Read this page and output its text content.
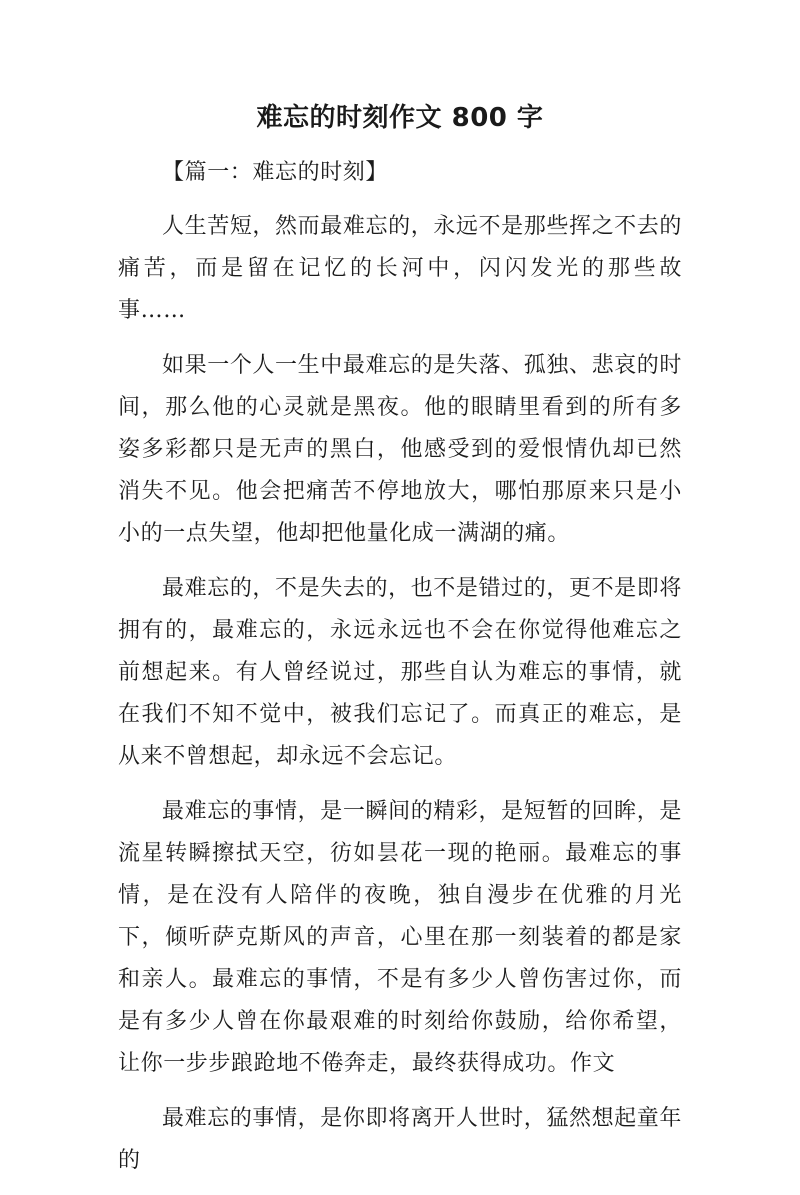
难忘的时刻作文 800 字

【篇一：难忘的时刻】

人生苦短，然而最难忘的，永远不是那些挥之不去的痛苦，而是留在记忆的长河中，闪闪发光的那些故事……

如果一个人一生中最难忘的是失落、孤独、悲哀的时间，那么他的心灵就是黑夜。他的眼睛里看到的所有多姿多彩都只是无声的黑白，他感受到的爱恨情仇却已然消失不见。他会把痛苦不停地放大，哪怕那原来只是小小的一点失望，他却把他量化成一满湖的痛。

最难忘的，不是失去的，也不是错过的，更不是即将拥有的，最难忘的，永远永远也不会在你觉得他难忘之前想起来。有人曾经说过，那些自认为难忘的事情，就在我们不知不觉中，被我们忘记了。而真正的难忘，是从来不曾想起，却永远不会忘记。

最难忘的事情，是一瞬间的精彩，是短暂的回眸，是流星转瞬擦拭天空，彷如昙花一现的艳丽。最难忘的事情，是在没有人陪伴的夜晚，独自漫步在优雅的月光下，倾听萨克斯风的声音，心里在那一刻装着的都是家和亲人。最难忘的事情，不是有多少人曾伤害过你，而是有多少人曾在你最艰难的时刻给你鼓励，给你希望，让你一步步踉跄地不倦奔走，最终获得成功。作文

最难忘的事情，是你即将离开人世时，猛然想起童年的
